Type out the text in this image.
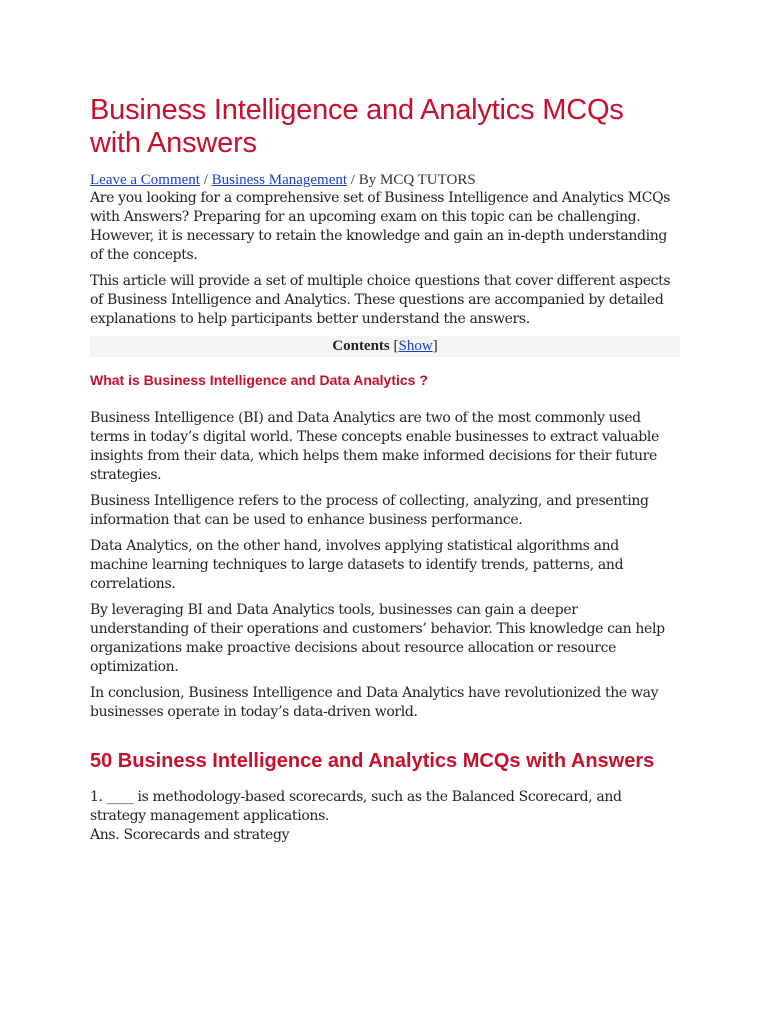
Business Intelligence and Analytics MCQs with Answers

Leave a Comment / Business Management / By MCQ TUTORS

Are you looking for a comprehensive set of Business Intelligence and Analytics MCQs with Answers? Preparing for an upcoming exam on this topic can be challenging. However, it is necessary to retain the knowledge and gain an in-depth understanding of the concepts.

This article will provide a set of multiple choice questions that cover different aspects of Business Intelligence and Analytics. These questions are accompanied by detailed explanations to help participants better understand the answers.

Contents [Show]
What is Business Intelligence and Data Analytics ?

Business Intelligence (BI) and Data Analytics are two of the most commonly used terms in today’s digital world. These concepts enable businesses to extract valuable insights from their data, which helps them make informed decisions for their future strategies.

Business Intelligence refers to the process of collecting, analyzing, and presenting information that can be used to enhance business performance.

Data Analytics, on the other hand, involves applying statistical algorithms and machine learning techniques to large datasets to identify trends, patterns, and correlations.

By leveraging BI and Data Analytics tools, businesses can gain a deeper understanding of their operations and customers’ behavior. This knowledge can help organizations make proactive decisions about resource allocation or resource optimization.

In conclusion, Business Intelligence and Data Analytics have revolutionized the way businesses operate in today’s data-driven world.

50 Business Intelligence and Analytics MCQs with Answers

1. ____ is methodology-based scorecards, such as the Balanced Scorecard, and strategy management applications.

Ans. Scorecards and strategy
